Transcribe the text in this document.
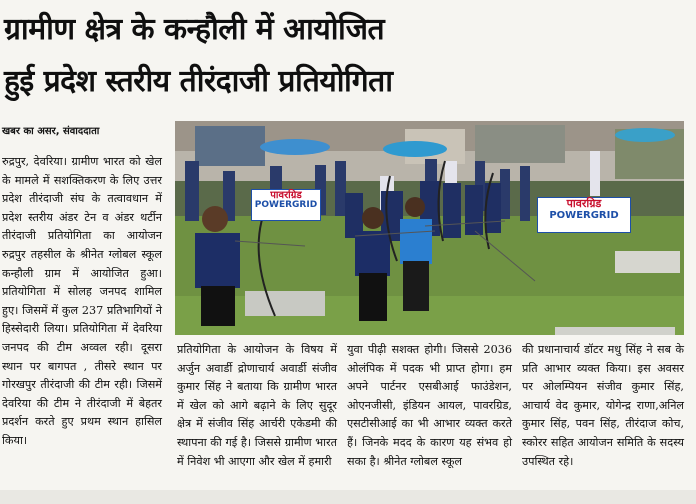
ग्रामीण क्षेत्र के कन्हौली में आयोजित
हुई प्रदेश स्तरीय तीरंदाजी प्रतियोगिता
खबर का असर, संवाददाता

रुद्रपुर, देवरिया। ग्रामीण भारत को खेल के मामले में सशक्तिकरण के लिए उत्तर प्रदेश तीरंदाजी संघ के तत्वावधान में प्रदेश स्तरीय अंडर टेन व अंडर थर्टीन तीरंदाजी प्रतियोगिता का आयोजन रुद्रपुर तहसील के श्रीनेत ग्लोबल स्कूल कन्हौली ग्राम में आयोजित हुआ। प्रतियोगिता में सोलह जनपद शामिल हुए। जिसमें में कुल 237 प्रतिभागियों ने हिस्सेदारी लिया। प्रतियोगिता में देवरिया जनपद की टीम अव्वल रही। दूसरा स्थान पर बागपत , तीसरे स्थान पर गोरखपुर तीरंदाजी की टीम रही। जिसमें देवरिया की टीम ने तीरंदाजी में बेहतर प्रदर्शन करते हुए प्रथम स्थान हासिल किया।

पावरग्रिड
POWERGRID	पावरग्रिड
POWERGRID

प्रतियोगिता के आयोजन के विषय में अर्जुन अवार्डी द्रोणाचार्य अवार्डी संजीव कुमार सिंह ने बताया कि ग्रामीण भारत में खेल को आगे बढ़ाने के लिए सुदूर क्षेत्र में संजीव सिंह आर्चरी एकेडमी की स्थापना की गई है। जिससे ग्रामीण भारत में निवेश भी आएगा और खेल में हमारी

युवा पीढ़ी सशक्त होगी। जिससे 2036 ओलंपिक में पदक भी प्राप्त होगा। हम अपने पार्टनर एसबीआई फाउंडेशन, ओएनजीसी, इंडियन आयल, पावरग्रिड, एसटीसीआई का भी आभार व्यक्त करते हैं। जिनके मदद के कारण यह संभव हो सका है। श्रीनेत ग्लोबल स्कूल

की प्रधानाचार्य डॉटर मधु सिंह ने सब के प्रति आभार व्यक्त किया। इस अवसर पर ओलम्पियन संजीव कुमार सिंह, आचार्य वेद कुमार, योगेन्द्र राणा,अनिल कुमार सिंह, पवन सिंह, तीरंदाज कोच, स्कोरर सहित आयोजन समिति के सदस्य उपस्थित रहे।
